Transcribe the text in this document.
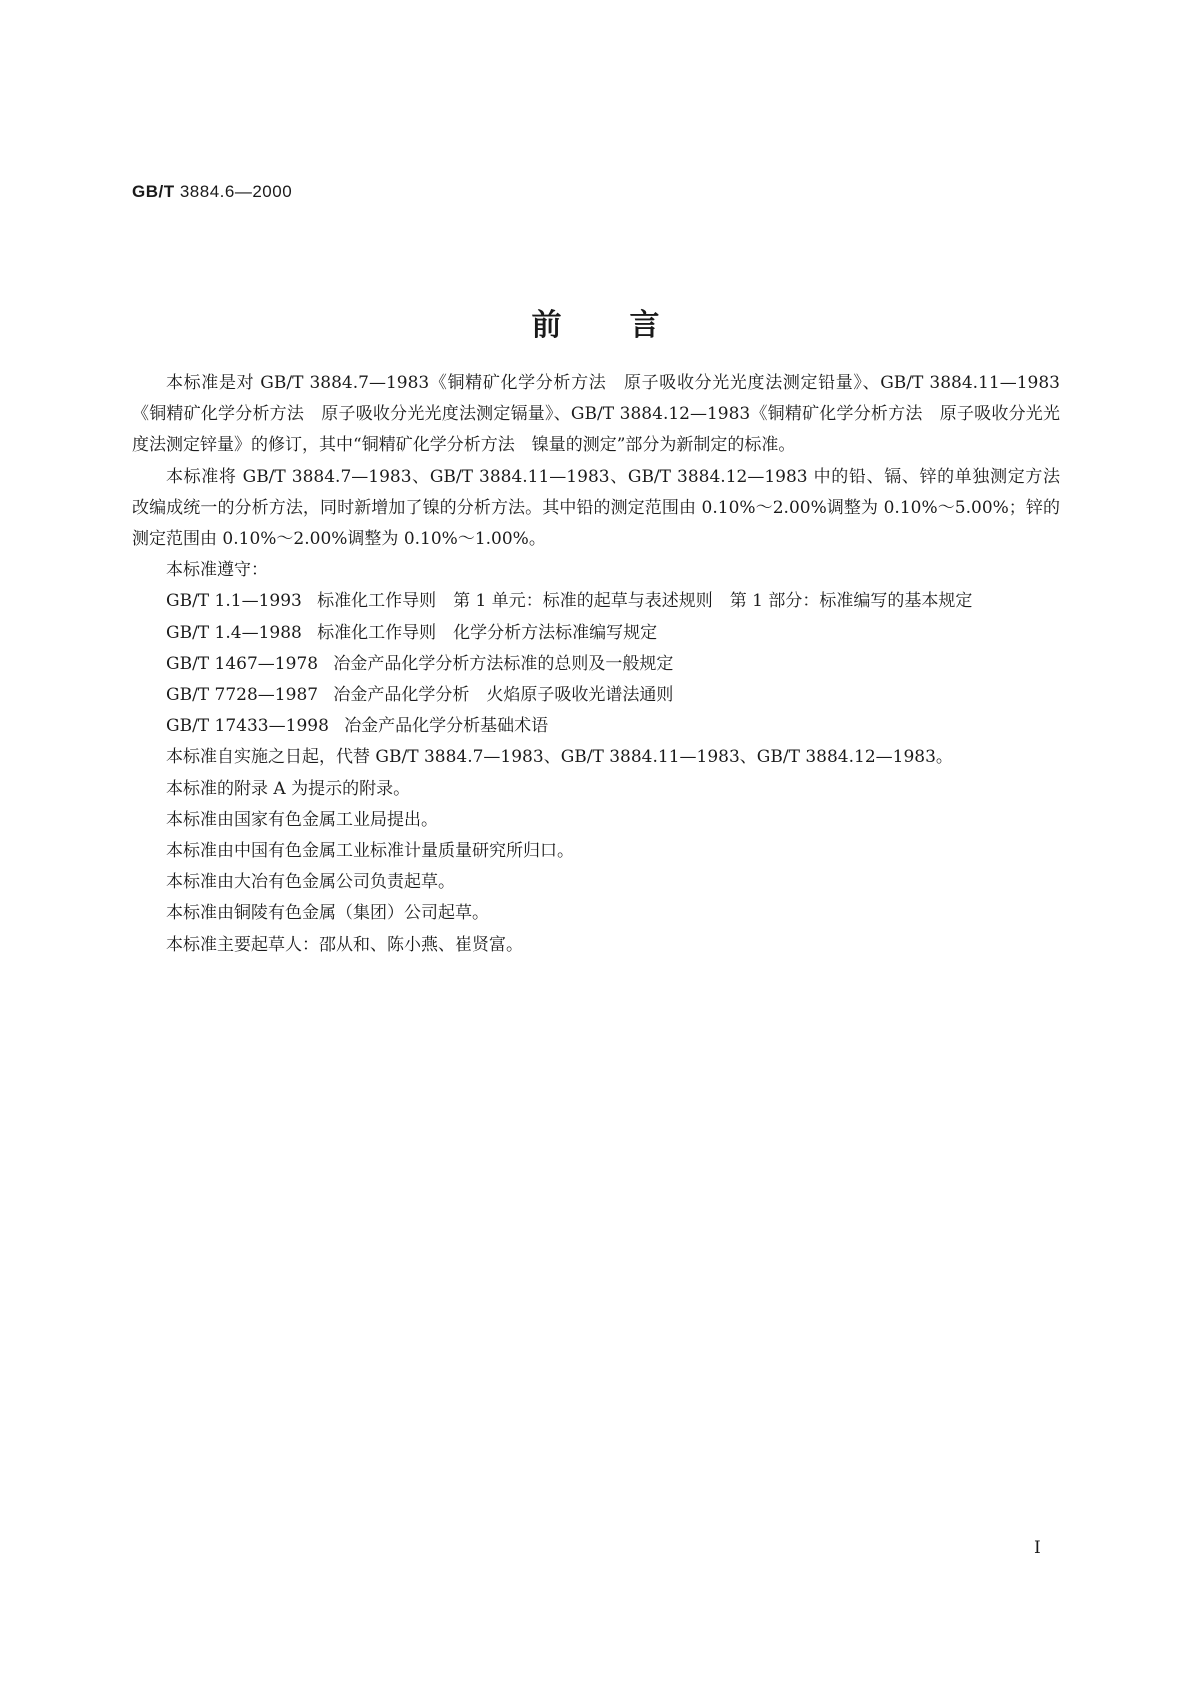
GB/T 3884.6—2000
前言

本标准是对 GB/T 3884.7—1983《铜精矿化学分析方法　原子吸收分光光度法测定铅量》、GB/T 3884.11—1983《铜精矿化学分析方法　原子吸收分光光度法测定镉量》、GB/T 3884.12—1983《铜精矿化学分析方法　原子吸收分光光度法测定锌量》的修订，其中“铜精矿化学分析方法　镍量的测定”部分为新制定的标准。

本标准将 GB/T 3884.7—1983、GB/T 3884.11—1983、GB/T 3884.12—1983 中的铅、镉、锌的单独测定方法改编成统一的分析方法，同时新增加了镍的分析方法。其中铅的测定范围由 0.10%～2.00%调整为 0.10%～5.00%；锌的测定范围由 0.10%～2.00%调整为 0.10%～1.00%。

本标准遵守：

GB/T 1.1—1993 标准化工作导则　第 1 单元：标准的起草与表述规则　第 1 部分：标准编写的基本规定
GB/T 1.4—1988 标准化工作导则　化学分析方法标准编写规定
GB/T 1467—1978 冶金产品化学分析方法标准的总则及一般规定
GB/T 7728—1987 冶金产品化学分析　火焰原子吸收光谱法通则
GB/T 17433—1998 冶金产品化学分析基础术语

本标准自实施之日起，代替 GB/T 3884.7—1983、GB/T 3884.11—1983、GB/T 3884.12—1983。

本标准的附录 A 为提示的附录。

本标准由国家有色金属工业局提出。

本标准由中国有色金属工业标准计量质量研究所归口。

本标准由大冶有色金属公司负责起草。

本标准由铜陵有色金属（集团）公司起草。

本标准主要起草人：邵从和、陈小燕、崔贤富。

I
